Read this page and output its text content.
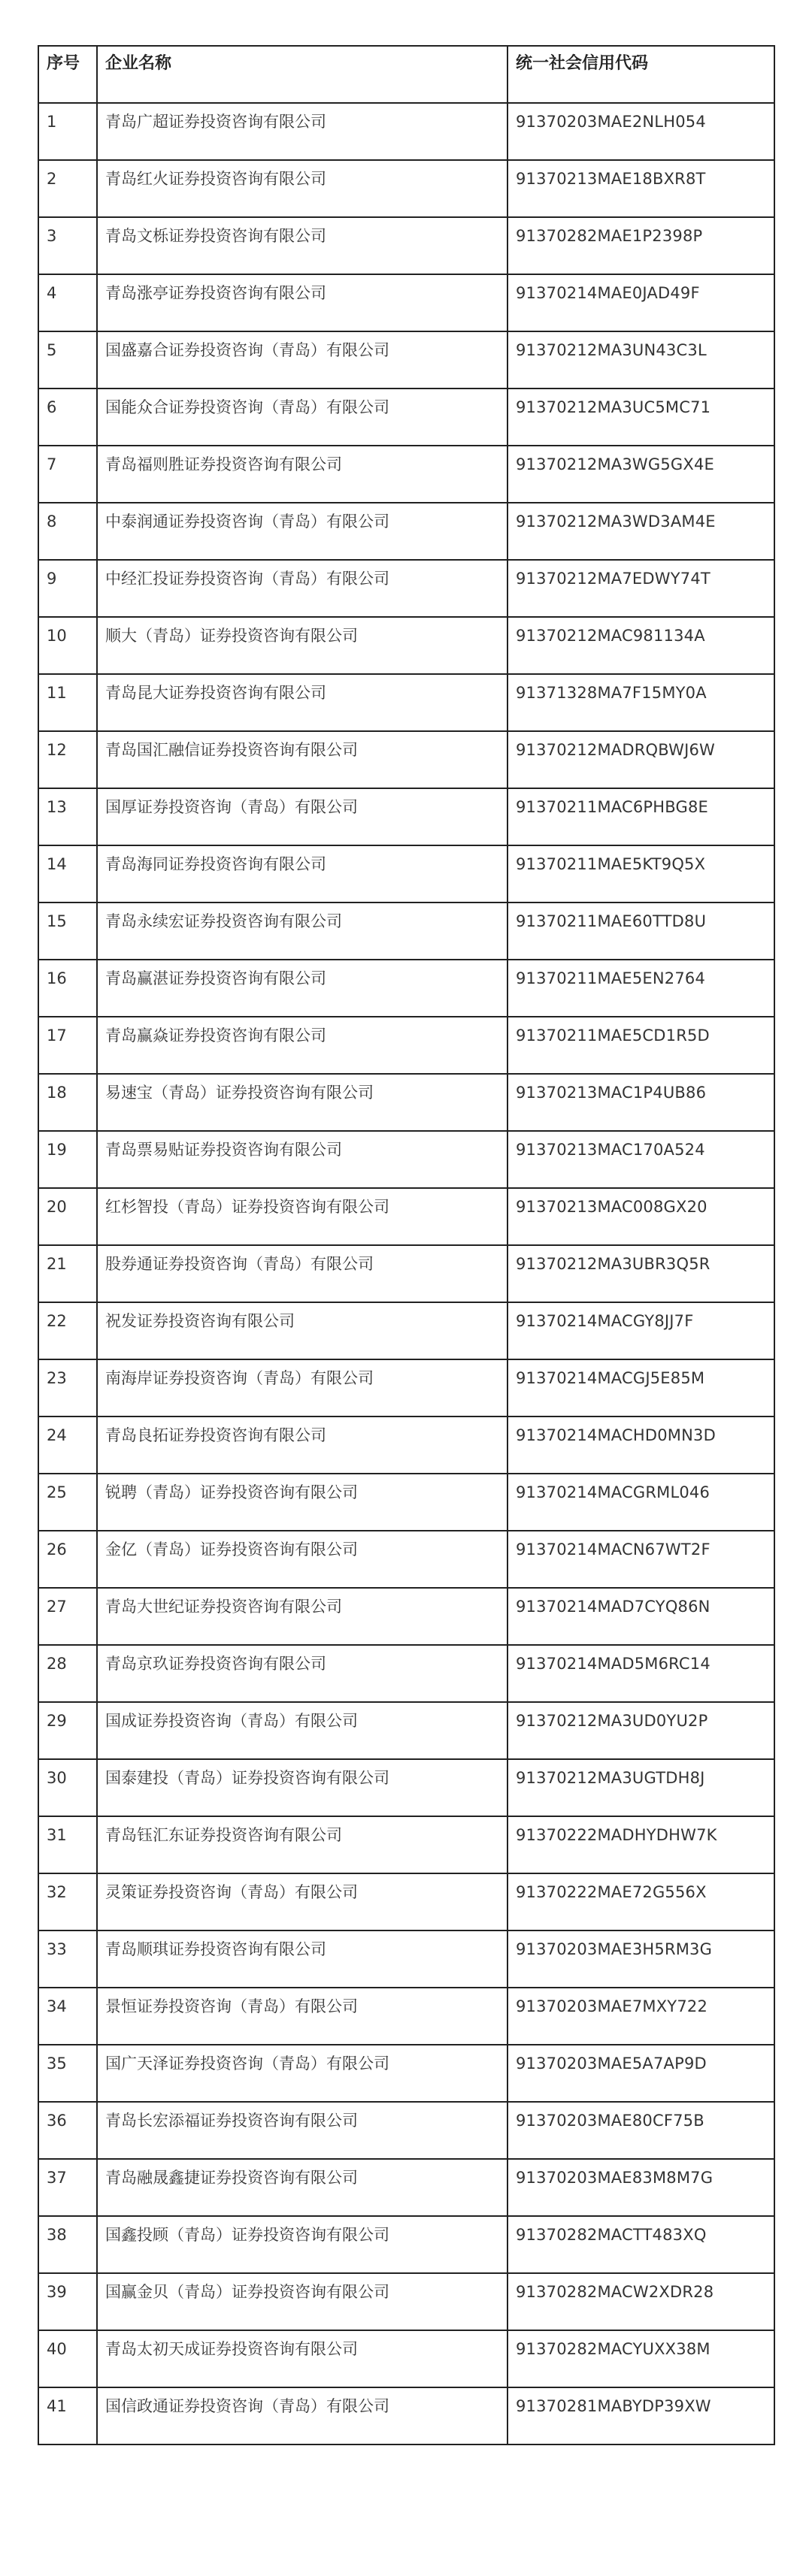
序号	企业名称	统一社会信用代码
1	青岛广超证券投资咨询有限公司	91370203MAE2NLH054
2	青岛红火证券投资咨询有限公司	91370213MAE18BXR8T
3	青岛文栎证券投资咨询有限公司	91370282MAE1P2398P
4	青岛涨亭证券投资咨询有限公司	91370214MAE0JAD49F
5	国盛嘉合证券投资咨询（青岛）有限公司	91370212MA3UN43C3L
6	国能众合证券投资咨询（青岛）有限公司	91370212MA3UC5MC71
7	青岛福则胜证券投资咨询有限公司	91370212MA3WG5GX4E
8	中泰润通证券投资咨询（青岛）有限公司	91370212MA3WD3AM4E
9	中经汇投证券投资咨询（青岛）有限公司	91370212MA7EDWY74T
10	顺大（青岛）证券投资咨询有限公司	91370212MAC981134A
11	青岛昆大证券投资咨询有限公司	91371328MA7F15MY0A
12	青岛国汇融信证券投资咨询有限公司	91370212MADRQBWJ6W
13	国厚证券投资咨询（青岛）有限公司	91370211MAC6PHBG8E
14	青岛海同证券投资咨询有限公司	91370211MAE5KT9Q5X
15	青岛永续宏证券投资咨询有限公司	91370211MAE60TTD8U
16	青岛赢湛证券投资咨询有限公司	91370211MAE5EN2764
17	青岛赢焱证券投资咨询有限公司	91370211MAE5CD1R5D
18	易速宝（青岛）证券投资咨询有限公司	91370213MAC1P4UB86
19	青岛票易贴证券投资咨询有限公司	91370213MAC170A524
20	红杉智投（青岛）证券投资咨询有限公司	91370213MAC008GX20
21	股券通证券投资咨询（青岛）有限公司	91370212MA3UBR3Q5R
22	祝发证券投资咨询有限公司	91370214MACGY8JJ7F
23	南海岸证券投资咨询（青岛）有限公司	91370214MACGJ5E85M
24	青岛良拓证券投资咨询有限公司	91370214MACHD0MN3D
25	锐聘（青岛）证券投资咨询有限公司	91370214MACGRML046
26	金亿（青岛）证券投资咨询有限公司	91370214MACN67WT2F
27	青岛大世纪证券投资咨询有限公司	91370214MAD7CYQ86N
28	青岛京玖证券投资咨询有限公司	91370214MAD5M6RC14
29	国成证券投资咨询（青岛）有限公司	91370212MA3UD0YU2P
30	国泰建投（青岛）证券投资咨询有限公司	91370212MA3UGTDH8J
31	青岛钰汇东证券投资咨询有限公司	91370222MADHYDHW7K
32	灵策证券投资咨询（青岛）有限公司	91370222MAE72G556X
33	青岛顺琪证券投资咨询有限公司	91370203MAE3H5RM3G
34	景恒证券投资咨询（青岛）有限公司	91370203MAE7MXY722
35	国广天泽证券投资咨询（青岛）有限公司	91370203MAE5A7AP9D
36	青岛长宏添福证券投资咨询有限公司	91370203MAE80CF75B
37	青岛融晟鑫捷证券投资咨询有限公司	91370203MAE83M8M7G
38	国鑫投顾（青岛）证券投资咨询有限公司	91370282MACTT483XQ
39	国赢金贝（青岛）证券投资咨询有限公司	91370282MACW2XDR28
40	青岛太初天成证券投资咨询有限公司	91370282MACYUXX38M
41	国信政通证券投资咨询（青岛）有限公司	91370281MABYDP39XW
